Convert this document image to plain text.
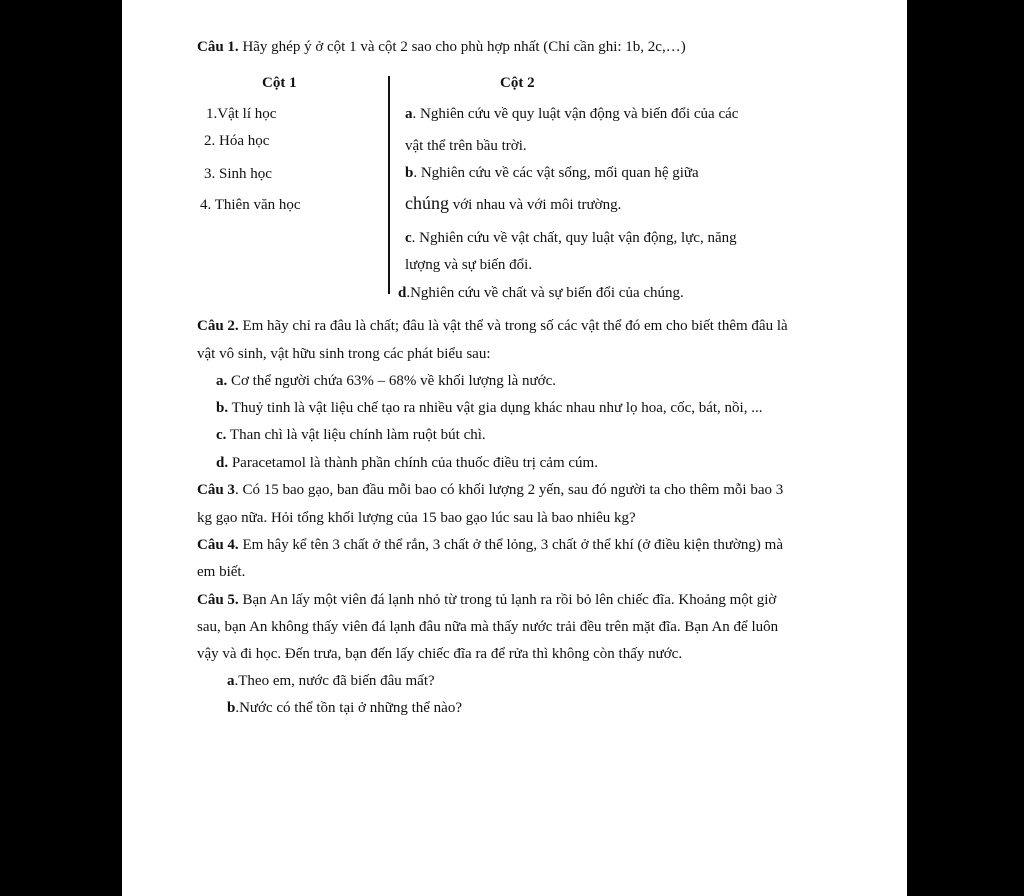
Câu 1. Hãy ghép ý ở cột 1 và cột 2 sao cho phù hợp nhất (Chỉ cần ghi: 1b, 2c,…)
Cột 1	Cột 2
1.Vật lí học
2. Hóa học
3. Sinh học
4. Thiên văn học
a. Nghiên cứu về quy luật vận động và biến đổi của các
vật thể trên bầu trời.
b. Nghiên cứu về các vật sống, mối quan hệ giữa
chúng với nhau và với môi trường.
c. Nghiên cứu về vật chất, quy luật vận động, lực, năng
lượng và sự biến đổi.
d.Nghiên cứu về chất và sự biến đổi của chúng.
Câu 2. Em hãy chỉ ra đâu là chất; đâu là vật thể và trong số các vật thể đó em cho biết thêm đâu là
vật vô sinh, vật hữu sinh trong các phát biểu sau:
a. Cơ thể người chứa 63% – 68% về khối lượng là nước.
b. Thuỷ tinh là vật liệu chế tạo ra nhiều vật gia dụng khác nhau như lọ hoa, cốc, bát, nồi, ...
c. Than chì là vật liệu chính làm ruột bút chì.
d. Paracetamol là thành phần chính của thuốc điều trị cảm cúm.
Câu 3. Có 15 bao gạo, ban đầu mỗi bao có khối lượng 2 yến, sau đó người ta cho thêm mỗi bao 3
kg gạo nữa. Hỏi tổng khối lượng của 15 bao gạo lúc sau là bao nhiêu kg?
Câu 4. Em hây kể tên 3 chất ở thể rắn, 3 chất ở thể lỏng, 3 chất ở thể khí (ở điều kiện thường) mà
em biết.
Câu 5. Bạn An lấy một viên đá lạnh nhỏ từ trong tủ lạnh ra rồi bỏ lên chiếc đĩa. Khoảng một giờ
sau, bạn An không thấy viên đá lạnh đâu nữa mà thấy nước trải đều trên mặt đĩa. Bạn An để luôn
vậy và đi học. Đến trưa, bạn đến lấy chiếc đĩa ra để rửa thì không còn thấy nước.
a.Theo em, nước đã biến đâu mất?
b.Nước có thể tồn tại ở những thể nào?
